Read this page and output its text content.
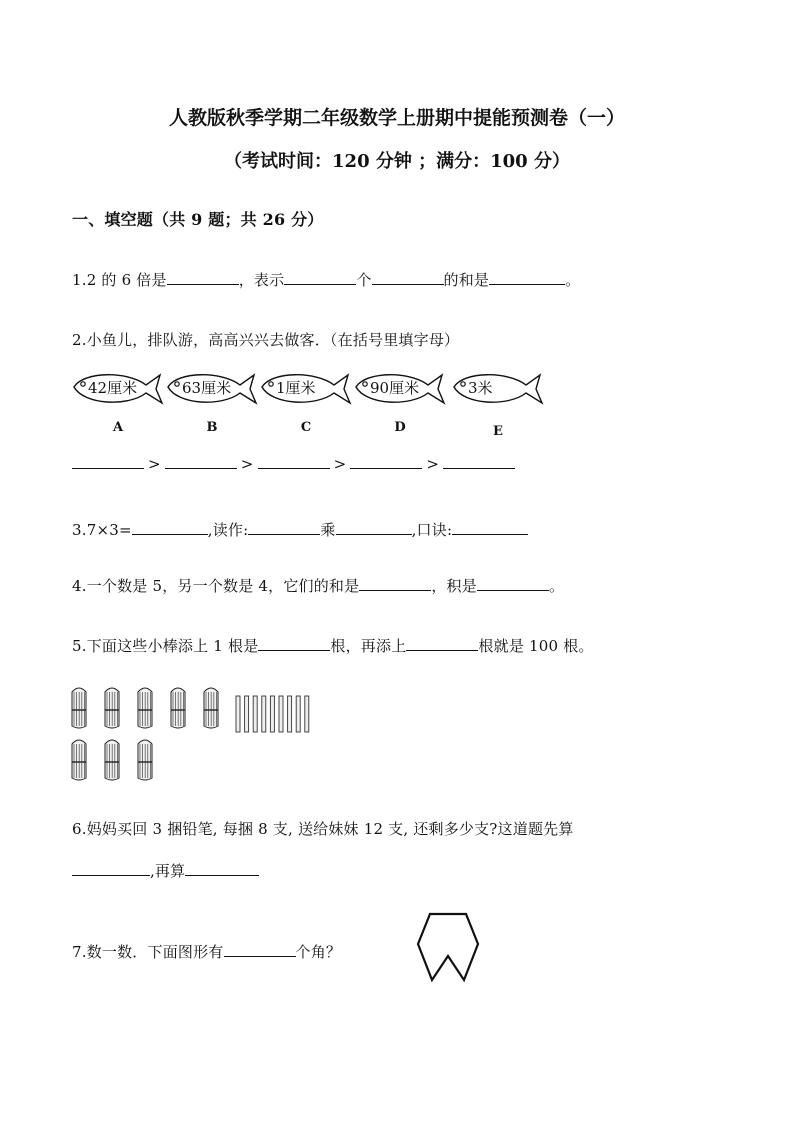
人教版秋季学期二年级数学上册期中提能预测卷（一）
（考试时间：120 分钟 ；满分：100 分）
一、填空题（共 9 题；共 26 分）
1.2 的 6 倍是	，表示	个	的和是	。
2.小鱼儿，排队游，高高兴兴去做客．（在括号里填字母）
42厘米
A
63厘米
B
1厘米
C
90厘米
D
3米
E
>	>	>	>
3.7×3=	,读作:	乘	,口诀:
4.一个数是 5，另一个数是 4，它们的和是	，积是	。
5.下面这些小棒添上 1 根是	根，再添上	根就是 100 根。
6.妈妈买回 3 捆铅笔, 每捆 8 支, 送给妹妹 12 支, 还剩多少支?这道题先算
,再算
7.数一数．下面图形有	个角？
